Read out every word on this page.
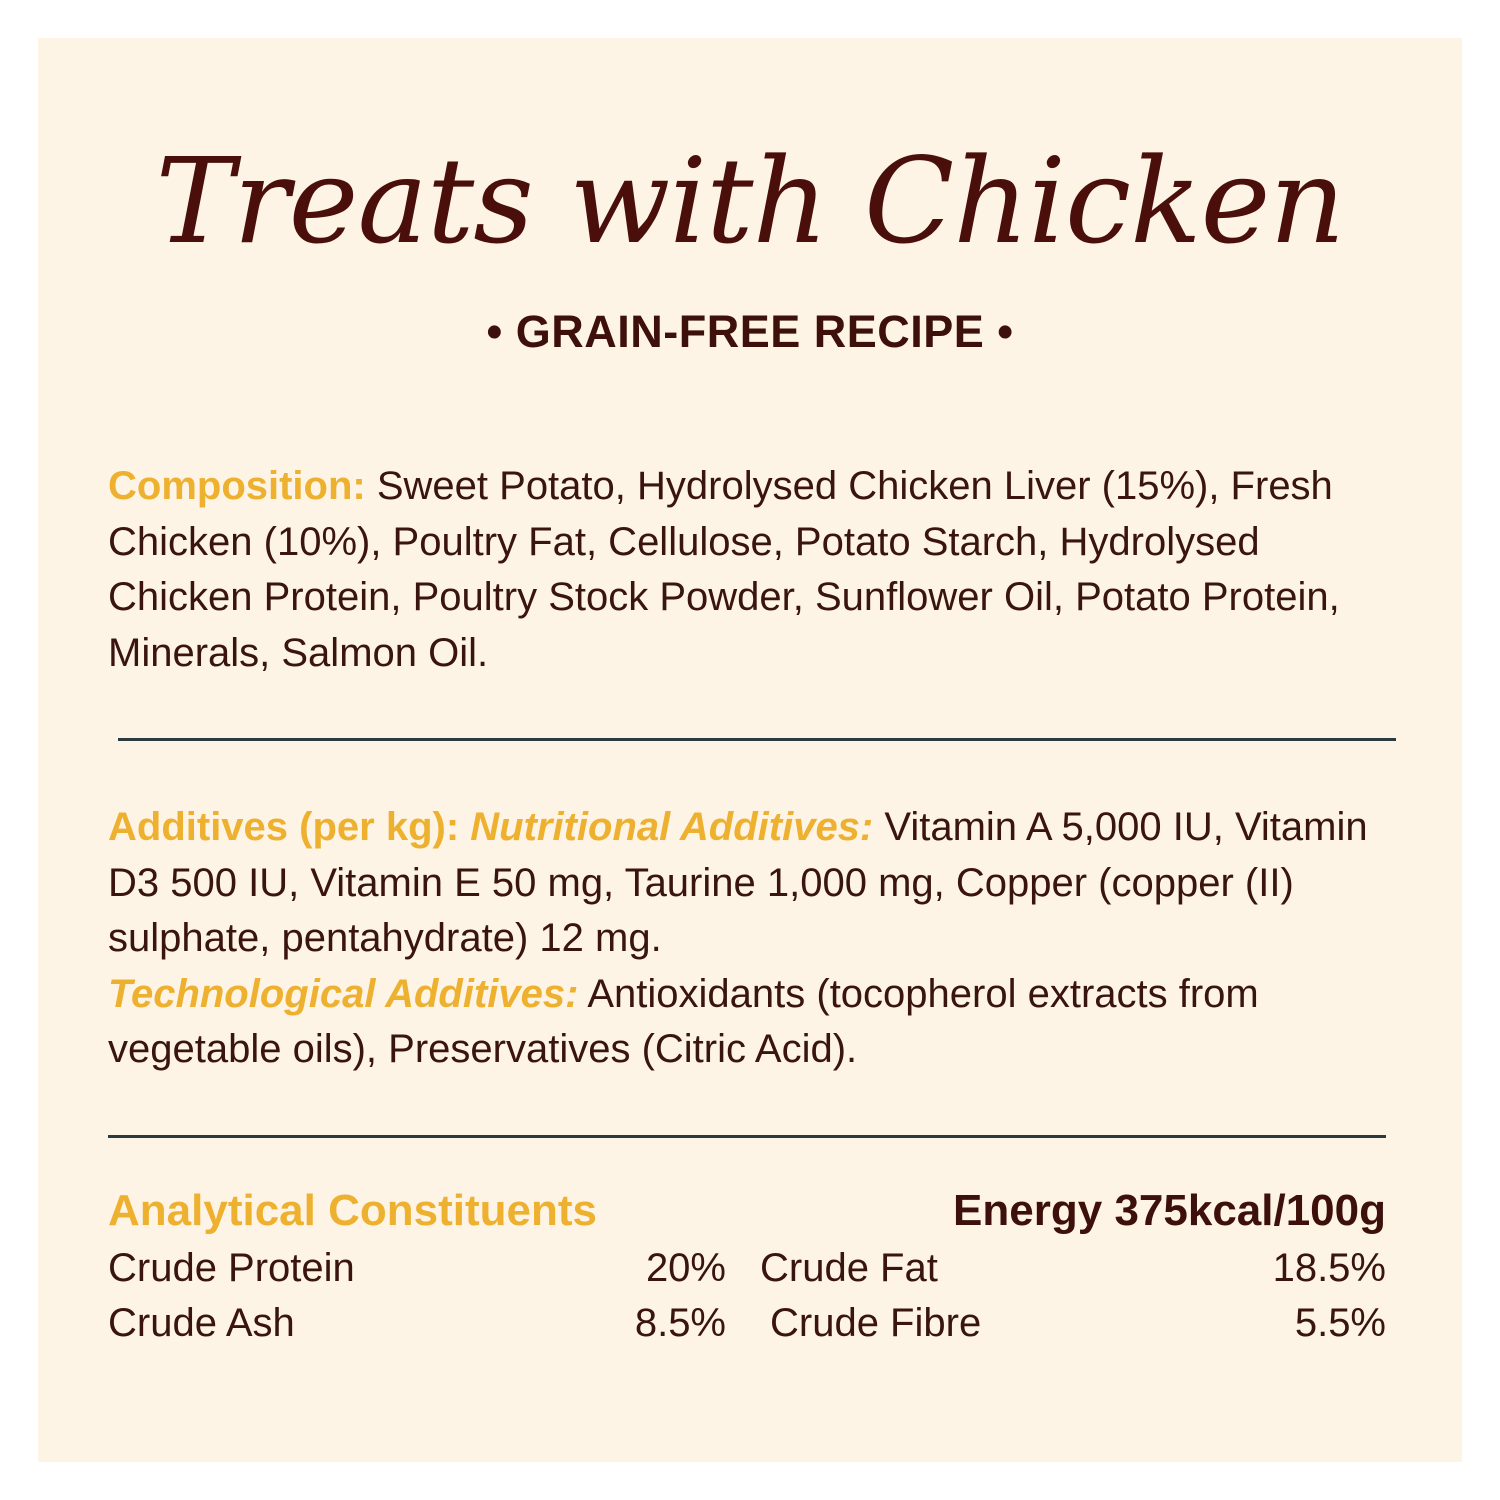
Treats with Chicken
• GRAIN-FREE RECIPE •
Composition: Sweet Potato, Hydrolysed Chicken Liver (15%), Fresh Chicken (10%), Poultry Fat, Cellulose, Potato Starch, Hydrolysed Chicken Protein, Poultry Stock Powder, Sunflower Oil, Potato Protein, Minerals, Salmon Oil.
Additives (per kg): Nutritional Additives: Vitamin A 5,000 IU, Vitamin D3 500 IU, Vitamin E 50 mg, Taurine 1,000 mg, Copper (copper (II) sulphate, pentahydrate) 12 mg.
Technological Additives: Antioxidants (tocopherol extracts from vegetable oils), Preservatives (Citric Acid).
Analytical Constituents	Energy 375kcal/100g
Crude Protein	20% Crude Fat	18.5%
Crude Ash	8.5% Crude Fibre	5.5%
